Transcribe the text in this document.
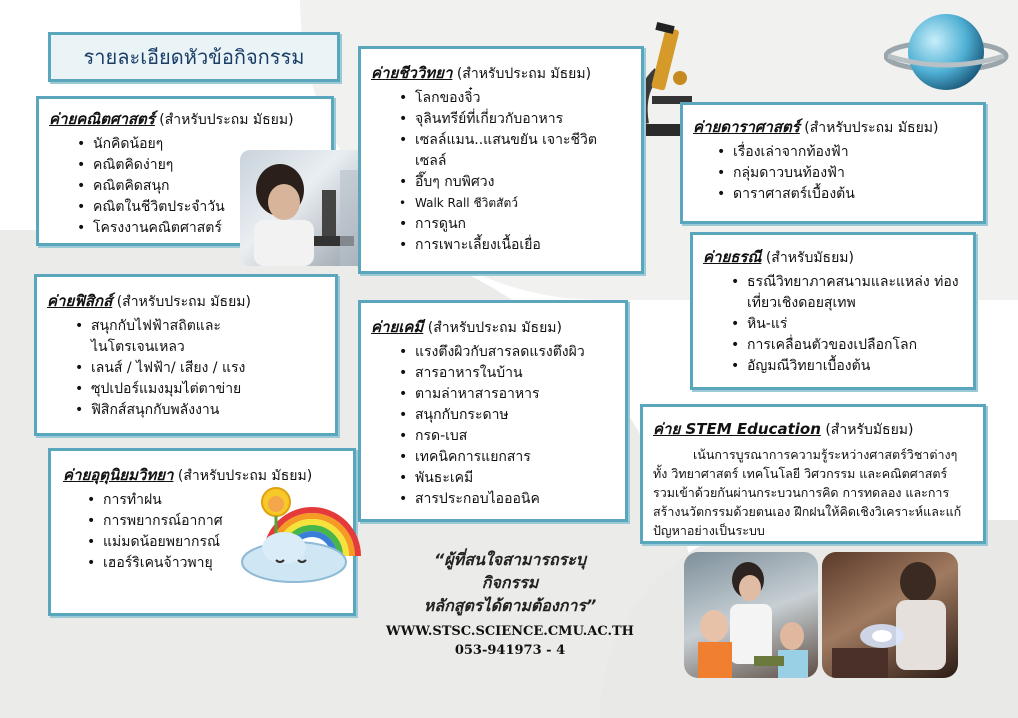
รายละเอียดหัวข้อกิจกรรม
ค่ายคณิตศาสตร์ (สำหรับประถม มัธยม)
• นักคิดน้อยๆ
• คณิตคิดง่ายๆ
• คณิตคิดสนุก
• คณิตในชีวิตประจำวัน
• โครงงานคณิตศาสตร์
ค่ายฟิสิกส์ (สำหรับประถม มัธยม)
• สนุกกับไฟฟ้าสถิตและ ไนโตรเจนเหลว
• เลนส์ / ไฟฟ้า/ เสียง / แรง
• ซุปเปอร์แมงมุมไต่ตาข่าย
• ฟิสิกส์สนุกกับพลังงาน
ค่ายอุตุนิยมวิทยา (สำหรับประถม มัธยม)
• การทำฝน
• การพยากรณ์อากาศ
• แม่มดน้อยพยากรณ์
• เฮอร์ริเคนจ้าวพายุ
ค่ายชีววิทยา (สำหรับประถม มัธยม)
• โลกของจิ๋ว
• จุลินทรีย์ที่เกี่ยวกับอาหาร
• เซลล์แมน..แสนขยัน เจาะชีวิต เซลล์
• อึ๊บๆ กบพิศวง
• Walk Rall ชีวิตสัตว์
• การดูนก
• การเพาะเลี้ยงเนื้อเยื่อ
ค่ายเคมี (สำหรับประถม มัธยม)
• แรงตึงผิวกับสารลดแรงตึงผิว
• สารอาหารในบ้าน
• ตามล่าหาสารอาหาร
• สนุกกับกระดาษ
• กรด-เบส
• เทคนิคการแยกสาร
• พันธะเคมี
• สารประกอบไอออนิค
ค่ายดาราศาสตร์ (สำหรับประถม มัธยม)
• เรื่องเล่าจากท้องฟ้า
• กลุ่มดาวบนท้องฟ้า
• ดาราศาสตร์เบื้องต้น
ค่ายธรณี (สำหรับมัธยม)
• ธรณีวิทยาภาคสนามและแหล่ง ท่องเที่ยวเชิงดอยสุเทพ
• หิน-แร่
• การเคลื่อนตัวของเปลือกโลก
• อัญมณีวิทยาเบื้องต้น
ค่าย STEM Education (สำหรับมัธยม)
เน้นการบูรณาการความรู้ระหว่างศาสตร์วิชาต่างๆ ทั้ง วิทยาศาสตร์ เทคโนโลยี วิศวกรรม และคณิตศาสตร์ รวมเข้าด้วยกันผ่านกระบวนการคิด การทดลอง และการสร้างนวัตกรรมด้วยตนเอง ฝึกฝนให้คิดเชิงวิเคราะห์และแก้ปัญหาอย่างเป็นระบบ
“ผู้ที่สนใจสามารถระบุกิจกรรม
หลักสูตรได้ตามต้องการ”
WWW.STSC.SCIENCE.CMU.AC.TH
053-941973 - 4
